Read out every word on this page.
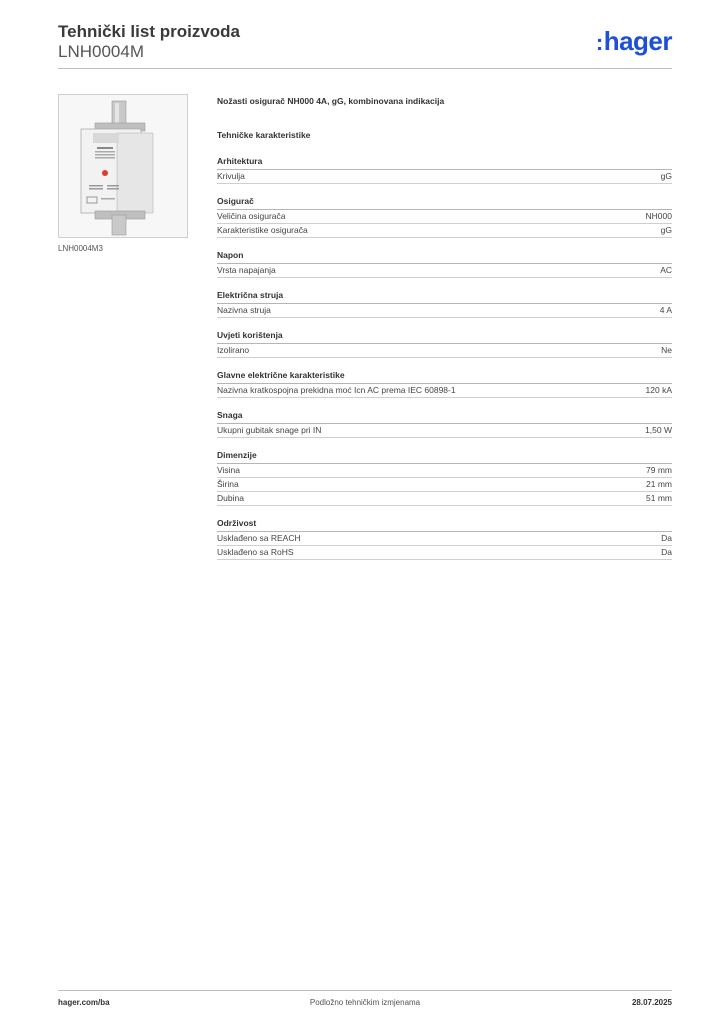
Tehnički list proizvoda
LNH0004M	:hager
LNH0004M3
Nožasti osigurač NH000 4A, gG, kombinovana indikacija
Tehničke karakteristike
Arhitektura
Krivulja	gG
Osigurač
Veličina osigurača	NH000
Karakteristike osigurača	gG
Napon
Vrsta napajanja	AC
Električna struja
Nazivna struja	4 A
Uvjeti korištenja
Izolirano	Ne
Glavne električne karakteristike
Nazivna kratkospojna prekidna moć Icn AC prema IEC 60898-1	120 kA
Snaga
Ukupni gubitak snage pri IN	1,50 W
Dimenzije
Visina	79 mm
Širina	21 mm
Dubina	51 mm
Održivost
Usklađeno sa REACH	Da
Usklađeno sa RoHS	Da
hager.com/ba	Podložno tehničkim izmjenama	28.07.2025
